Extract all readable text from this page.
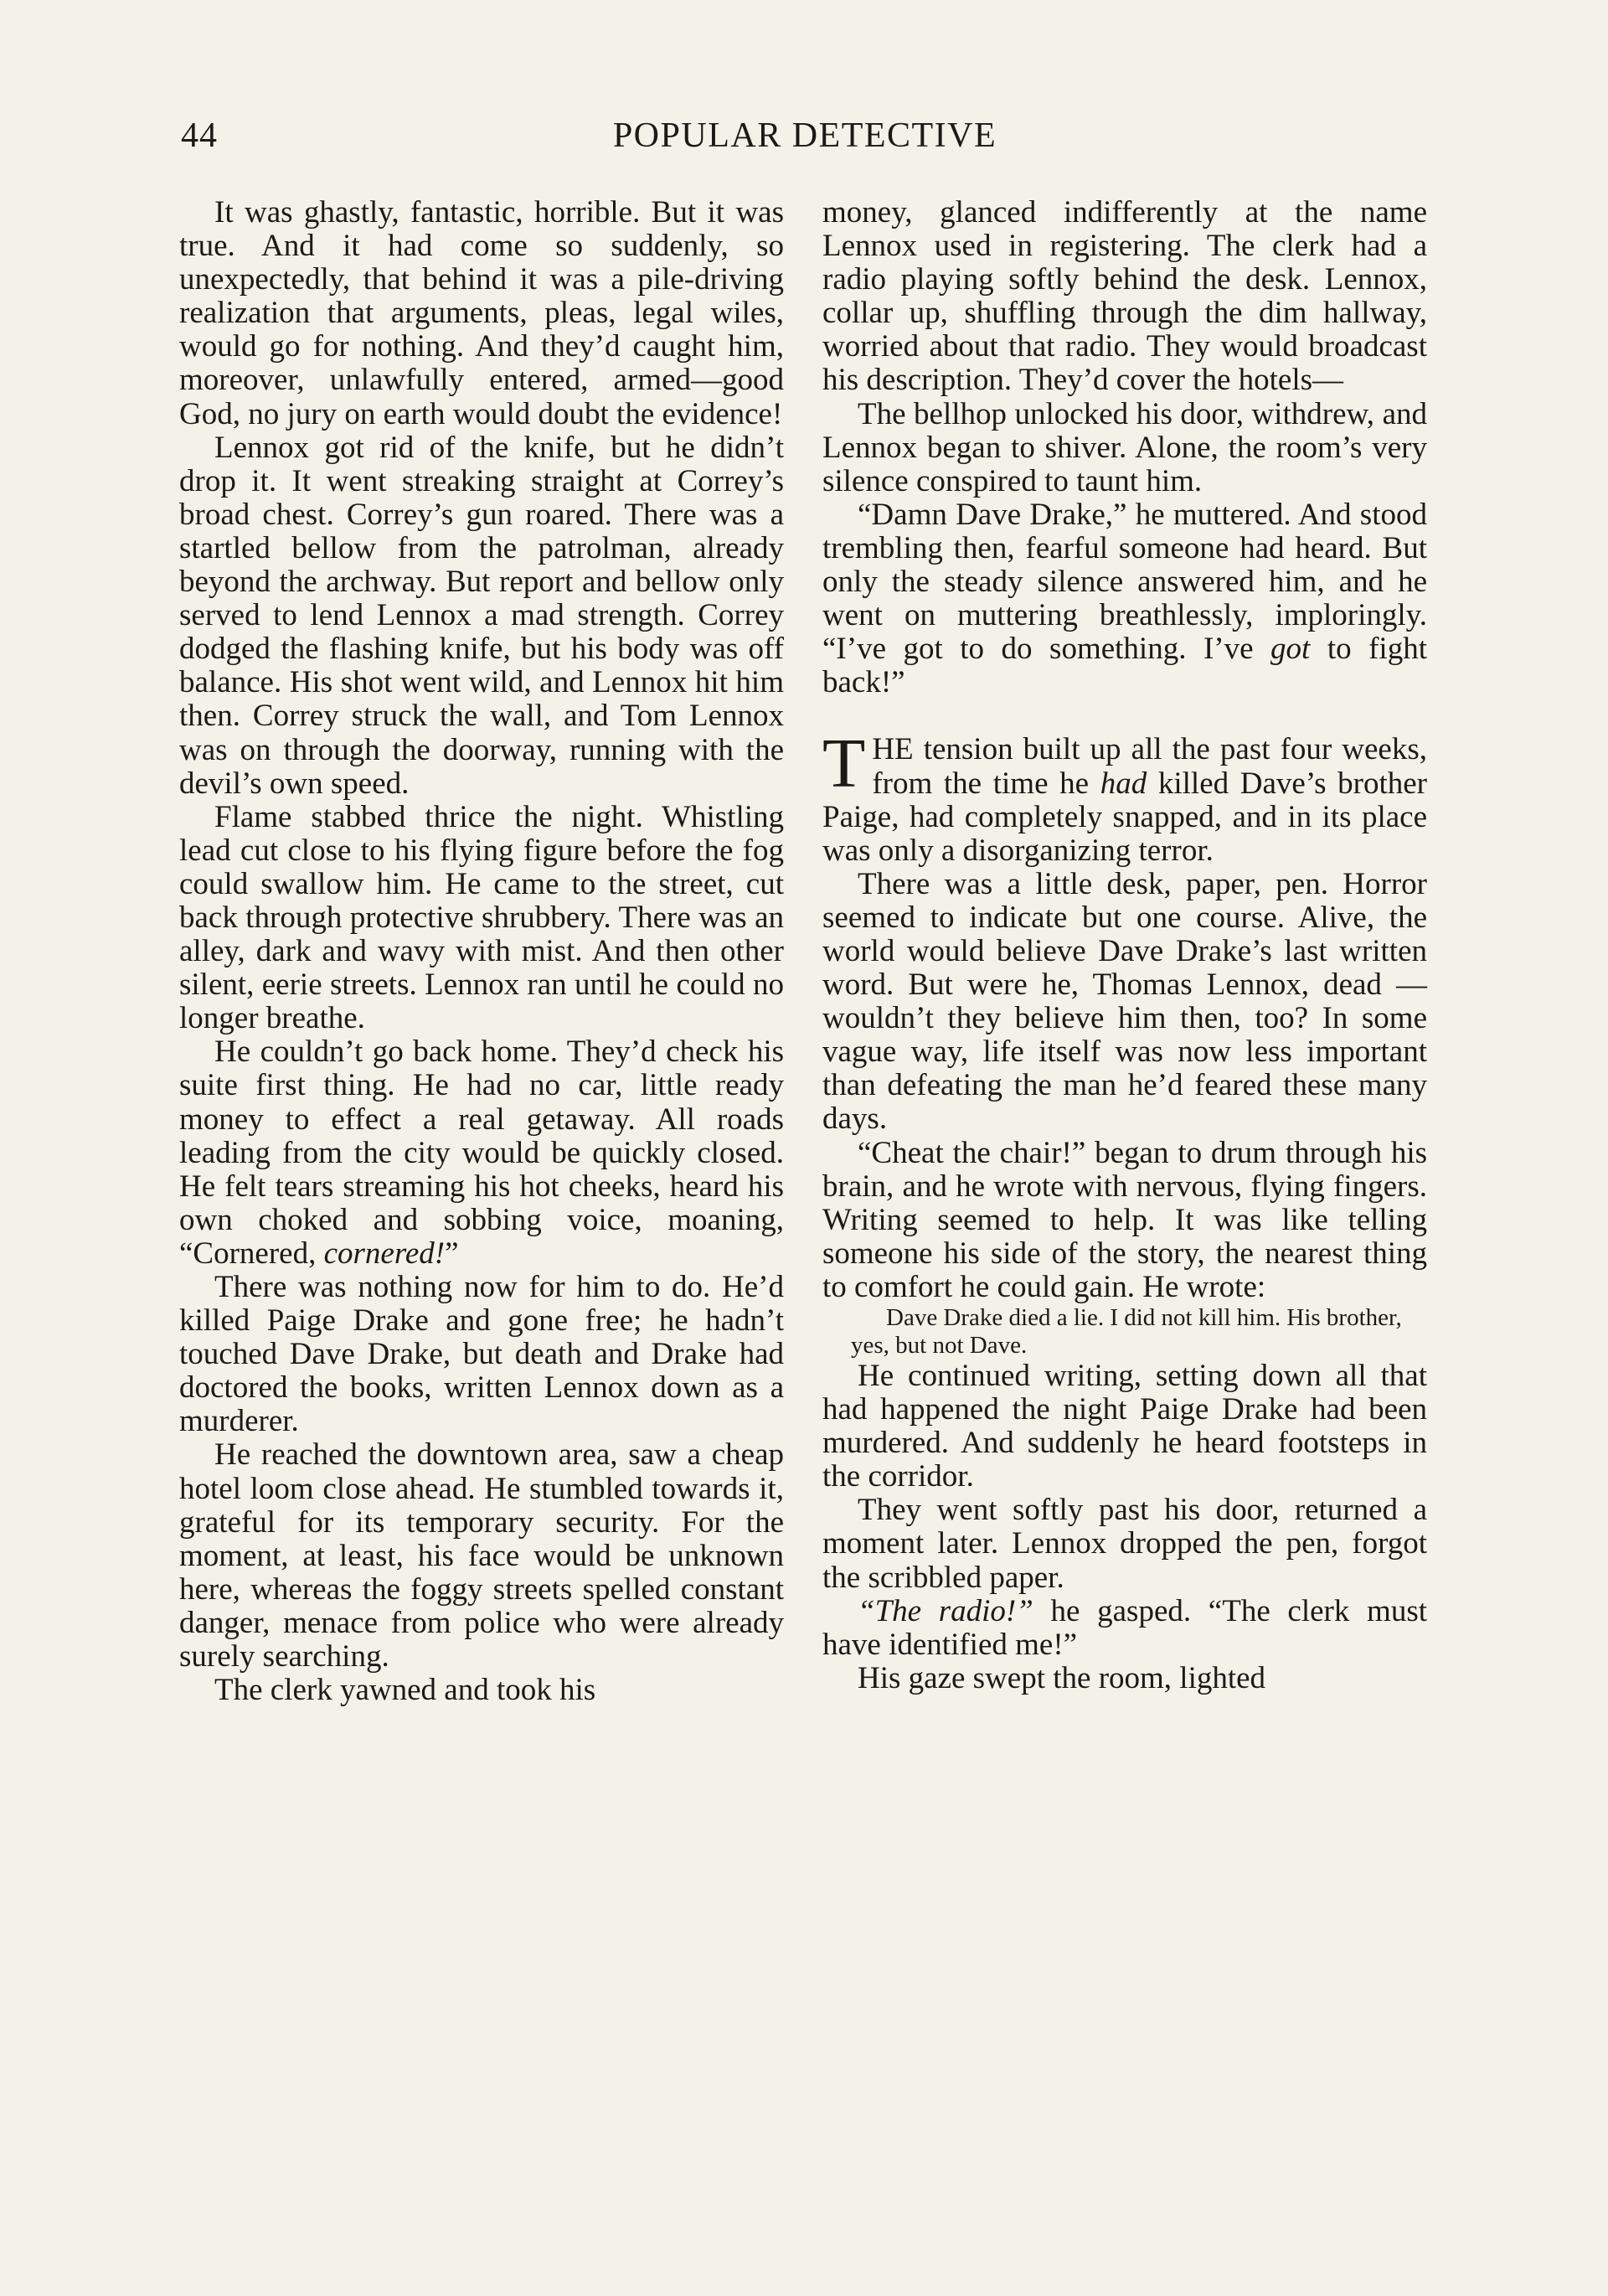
44	POPULAR DETECTIVE

It was ghastly, fantastic, horrible. But it was true. And it had come so suddenly, so unexpectedly, that behind it was a pile-driving realization that arguments, pleas, legal wiles, would go for nothing. And they’d caught him, moreover, unlawfully entered, armed—good God, no jury on earth would doubt the evidence!

Lennox got rid of the knife, but he didn’t drop it. It went streaking straight at Correy’s broad chest. Correy’s gun roared. There was a startled bellow from the patrolman, already beyond the archway. But report and bellow only served to lend Lennox a mad strength. Correy dodged the flashing knife, but his body was off balance. His shot went wild, and Lennox hit him then. Correy struck the wall, and Tom Lennox was on through the doorway, running with the devil’s own speed.

Flame stabbed thrice the night. Whistling lead cut close to his flying figure before the fog could swallow him. He came to the street, cut back through protective shrubbery. There was an alley, dark and wavy with mist. And then other silent, eerie streets. Lennox ran until he could no longer breathe.

He couldn’t go back home. They’d check his suite first thing. He had no car, little ready money to effect a real getaway. All roads leading from the city would be quickly closed. He felt tears streaming his hot cheeks, heard his own choked and sobbing voice, moaning, “Cornered, cornered!”

There was nothing now for him to do. He’d killed Paige Drake and gone free; he hadn’t touched Dave Drake, but death and Drake had doctored the books, written Lennox down as a murderer.

He reached the downtown area, saw a cheap hotel loom close ahead. He stumbled towards it, grateful for its temporary security. For the moment, at least, his face would be unknown here, whereas the foggy streets spelled constant danger, menace from police who were already surely searching.

The clerk yawned and took his

money, glanced indifferently at the name Lennox used in registering. The clerk had a radio playing softly behind the desk. Lennox, collar up, shuffling through the dim hallway, worried about that radio. They would broadcast his description. They’d cover the hotels—

The bellhop unlocked his door, withdrew, and Lennox began to shiver. Alone, the room’s very silence conspired to taunt him.

“Damn Dave Drake,” he muttered. And stood trembling then, fearful someone had heard. But only the steady silence answered him, and he went on muttering breathlessly, imploringly. “I’ve got to do something. I’ve got to fight back!”

THE tension built up all the past four weeks, from the time he had killed Dave’s brother Paige, had completely snapped, and in its place was only a disorganizing terror.

There was a little desk, paper, pen. Horror seemed to indicate but one course. Alive, the world would believe Dave Drake’s last written word. But were he, Thomas Lennox, dead —wouldn’t they believe him then, too? In some vague way, life itself was now less important than defeating the man he’d feared these many days.

“Cheat the chair!” began to drum through his brain, and he wrote with nervous, flying fingers. Writing seemed to help. It was like telling someone his side of the story, the nearest thing to comfort he could gain. He wrote:

Dave Drake died a lie. I did not kill him. His brother, yes, but not Dave.

He continued writing, setting down all that had happened the night Paige Drake had been murdered. And suddenly he heard footsteps in the corridor.

They went softly past his door, returned a moment later. Lennox dropped the pen, forgot the scribbled paper.

“The radio!” he gasped. “The clerk must have identified me!”

His gaze swept the room, lighted
